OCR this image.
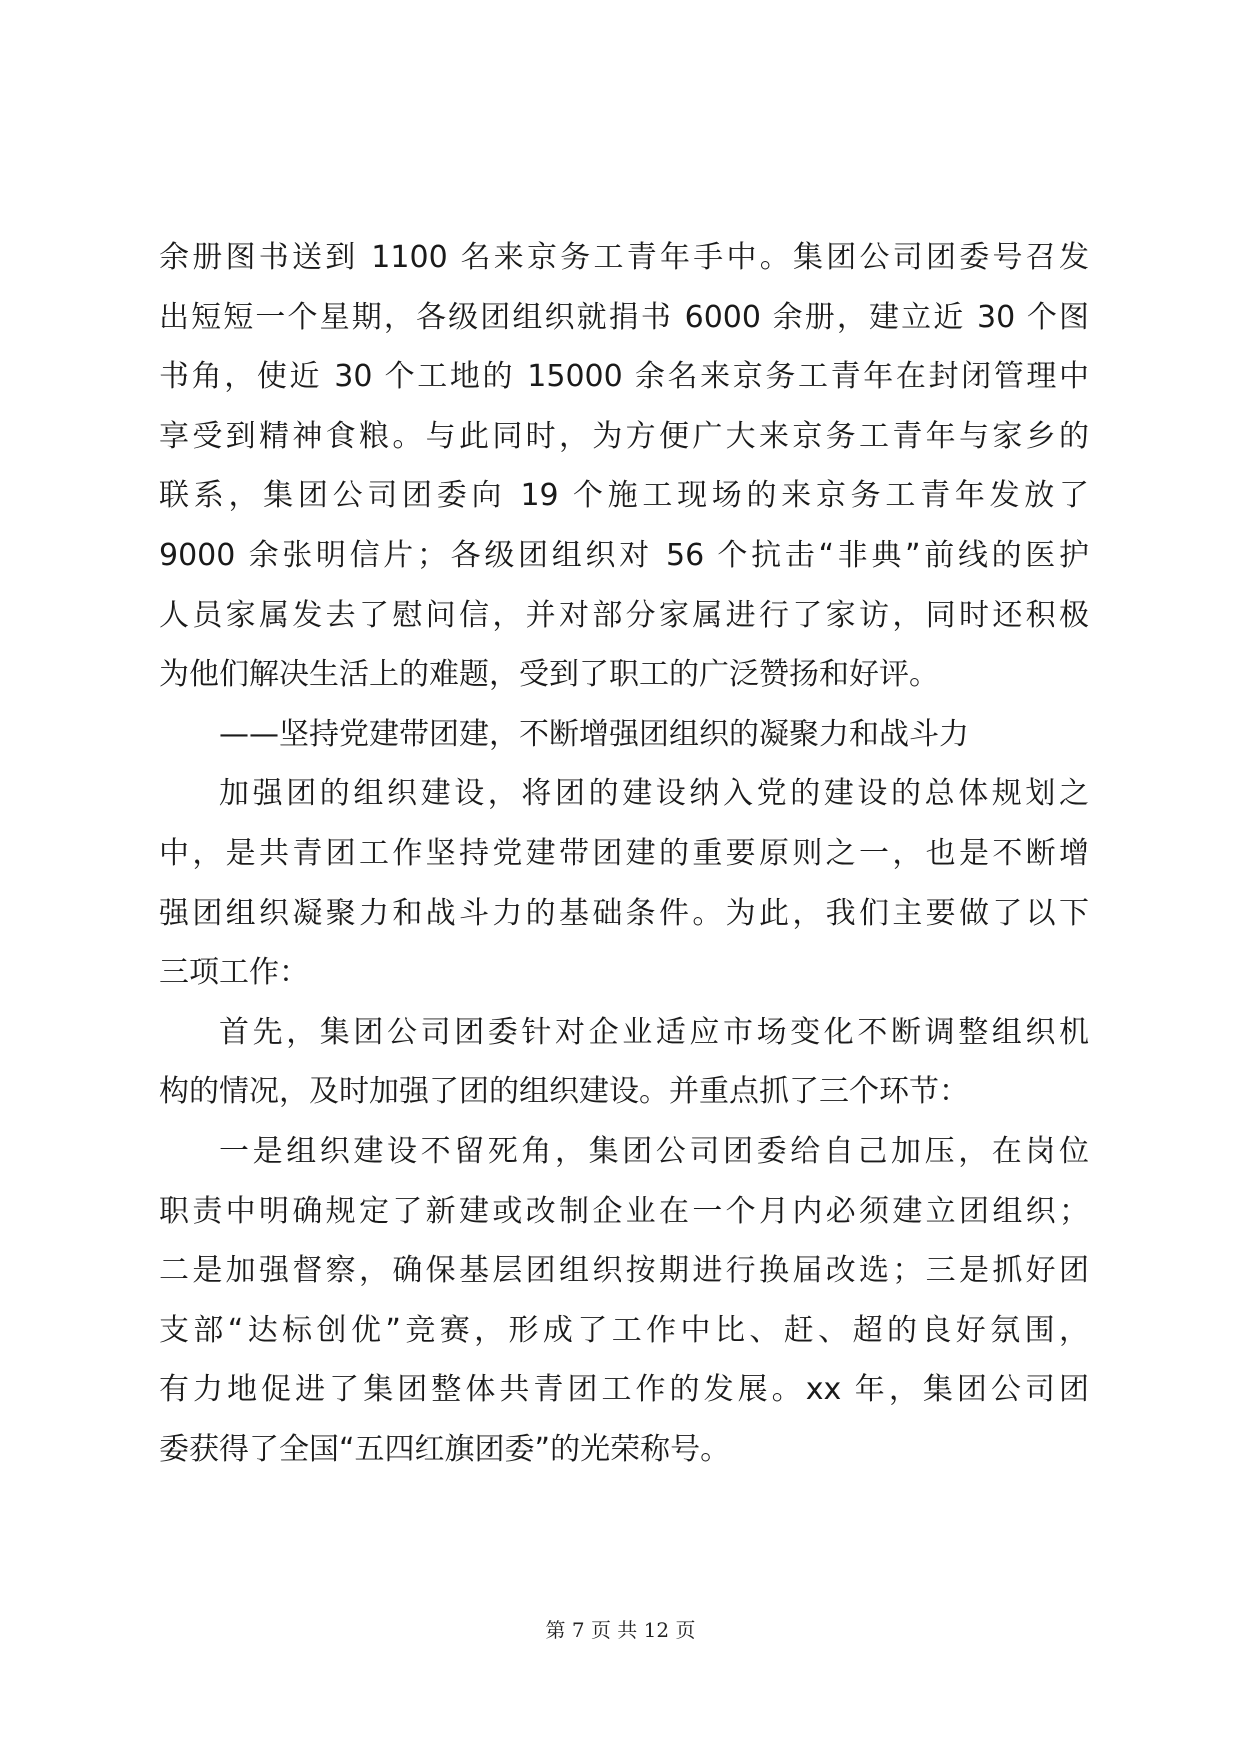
余册图书送到 1100 名来京务工青年手中。集团公司团委号召发
出短短一个星期，各级团组织就捐书 6000 余册，建立近 30 个图
书角，使近 30 个工地的 15000 余名来京务工青年在封闭管理中
享受到精神食粮。与此同时，为方便广大来京务工青年与家乡的
联系，集团公司团委向 19 个施工现场的来京务工青年发放了
9000 余张明信片；各级团组织对 56 个抗击“非典”前线的医护
人员家属发去了慰问信，并对部分家属进行了家访，同时还积极
为他们解决生活上的难题，受到了职工的广泛赞扬和好评。
——坚持党建带团建，不断增强团组织的凝聚力和战斗力
加强团的组织建设，将团的建设纳入党的建设的总体规划之
中，是共青团工作坚持党建带团建的重要原则之一，也是不断增
强团组织凝聚力和战斗力的基础条件。为此，我们主要做了以下
三项工作：
首先，集团公司团委针对企业适应市场变化不断调整组织机
构的情况，及时加强了团的组织建设。并重点抓了三个环节：
一是组织建设不留死角，集团公司团委给自己加压，在岗位
职责中明确规定了新建或改制企业在一个月内必须建立团组织；
二是加强督察，确保基层团组织按期进行换届改选；三是抓好团
支部“达标创优”竞赛，形成了工作中比、赶、超的良好氛围，
有力地促进了集团整体共青团工作的发展。xx 年，集团公司团
委获得了全国“五四红旗团委”的光荣称号。
第 7 页 共 12 页
